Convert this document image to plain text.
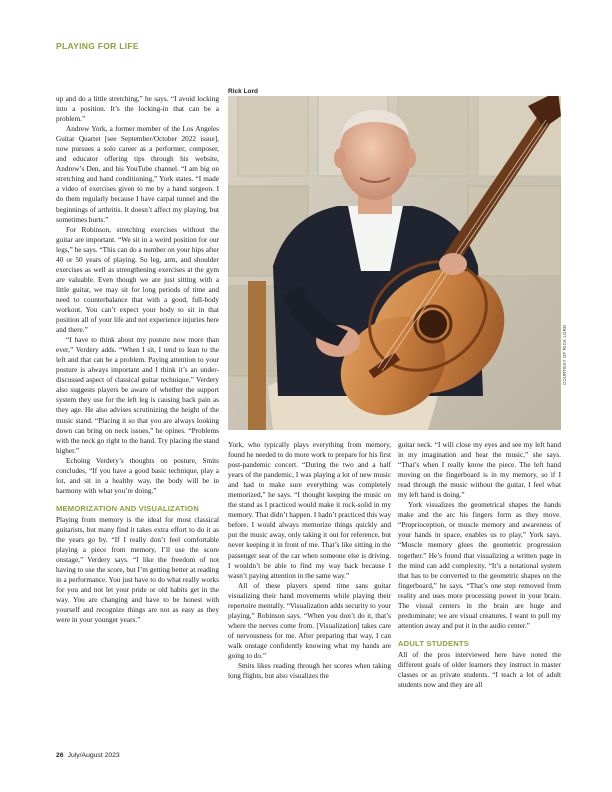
PLAYING FOR LIFE

up and do a little stretching,” he says. “I avoid locking into a position. It’s the locking-in that can be a problem.”

Andrew York, a former member of the Los Angeles Guitar Quartet [see September/October 2022 issue], now pursues a solo career as a performer, composer, and educator offering tips through his website, Andrew’s Den, and his YouTube channel. “I am big on stretching and hand conditioning,” York states. “I made a video of exercises given to me by a hand surgeon. I do them regularly because I have carpal tunnel and the beginnings of arthritis. It doesn’t affect my playing, but sometimes hurts.”

For Robinson, stretching exercises without the guitar are important. “We sit in a weird position for our legs,” he says. “This can do a number on your hips after 40 or 50 years of playing. So leg, arm, and shoulder exercises as well as strengthening exercises at the gym are valuable. Even though we are just sitting with a little guitar, we may sit for long periods of time and need to counterbalance that with a good, full-body workout. You can’t expect your body to sit in that position all of your life and not experience injuries here and there.”

“I have to think about my posture now more than ever,” Verdery adds. “When I sit, I tend to lean to the left and that can be a problem. Paying attention to your posture is always important and I think it’s an under-discussed aspect of classical guitar technique.” Verdery also suggests players be aware of whether the support system they use for the left leg is causing back pain as they age. He also advises scrutinizing the height of the music stand. “Placing it so that you are always looking down can bring on neck issues,” he opines. “Problems with the neck go right to the hand. Try placing the stand higher.”

Echoing Verdery’s thoughts on posture, Smits concludes, “If you have a good basic technique, play a lot, and sit in a healthy way, the body will be in harmony with what you’re doing.”

MEMORIZATION AND VISUALIZATION

Playing from memory is the ideal for most classical guitarists, but many find it takes extra effort to do it as the years go by. “If I really don’t feel comfortable playing a piece from memory, I’ll use the score onstage,” Verdery says. “I like the freedom of not having to use the score, but I’m getting better at reading in a performance. You just have to do what really works for you and not let your pride or old habits get in the way. You are changing and have to be honest with yourself and recognize things are not as easy as they were in your younger years.”

Rick Lord
COURTESY OF RICK LORD

York, who typically plays everything from memory, found he needed to do more work to prepare for his first post-pandemic concert. “During the two and a half years of the pandemic, I was playing a lot of new music and had to make sure everything was completely memorized,” he says. “I thought keeping the music on the stand as I practiced would make it rock-solid in my memory. That didn’t happen. I hadn’t practiced this way before. I would always memorize things quickly and put the music away, only taking it out for reference, but never keeping it in front of me. That’s like sitting in the passenger seat of the car when someone else is driving. I wouldn’t be able to find my way back because I wasn’t paying attention in the same way.”

All of these players spend time sans guitar visualizing their hand movements while playing their repertoire mentally. “Visualization adds security to your playing,” Robinson says. “When you don’t do it, that’s where the nerves come from. [Visualization] takes care of nervousness for me. After preparing that way, I can walk onstage confidently knowing what my hands are going to do.”

Smits likes reading through her scores when taking long flights, but also visualizes the

guitar neck. “I will close my eyes and see my left hand in my imagination and hear the music,” she says. “That’s when I really know the piece. The left hand moving on the fingerboard is in my memory, so if I read through the music without the guitar, I feel what my left hand is doing.”

York visualizes the geometrical shapes the hands make and the arc his fingers form as they move. “Proprioception, or muscle memory and awareness of your hands in space, enables us to play,” York says. “Muscle memory glues the geometric progression together.” He’s found that visualizing a written page in the mind can add complexity. “It’s a notational system that has to be converted to the geometric shapes on the fingerboard,” he says. “That’s one step removed from reality and uses more processing power in your brain. The visual centers in the brain are huge and predominate; we are visual creatures. I want to pull my attention away and put it in the audio center.”

ADULT STUDENTS

All of the pros interviewed here have noted the different goals of older learners they instruct in master classes or as private students. “I teach a lot of adult students now and they are all

26 July/August 2023
